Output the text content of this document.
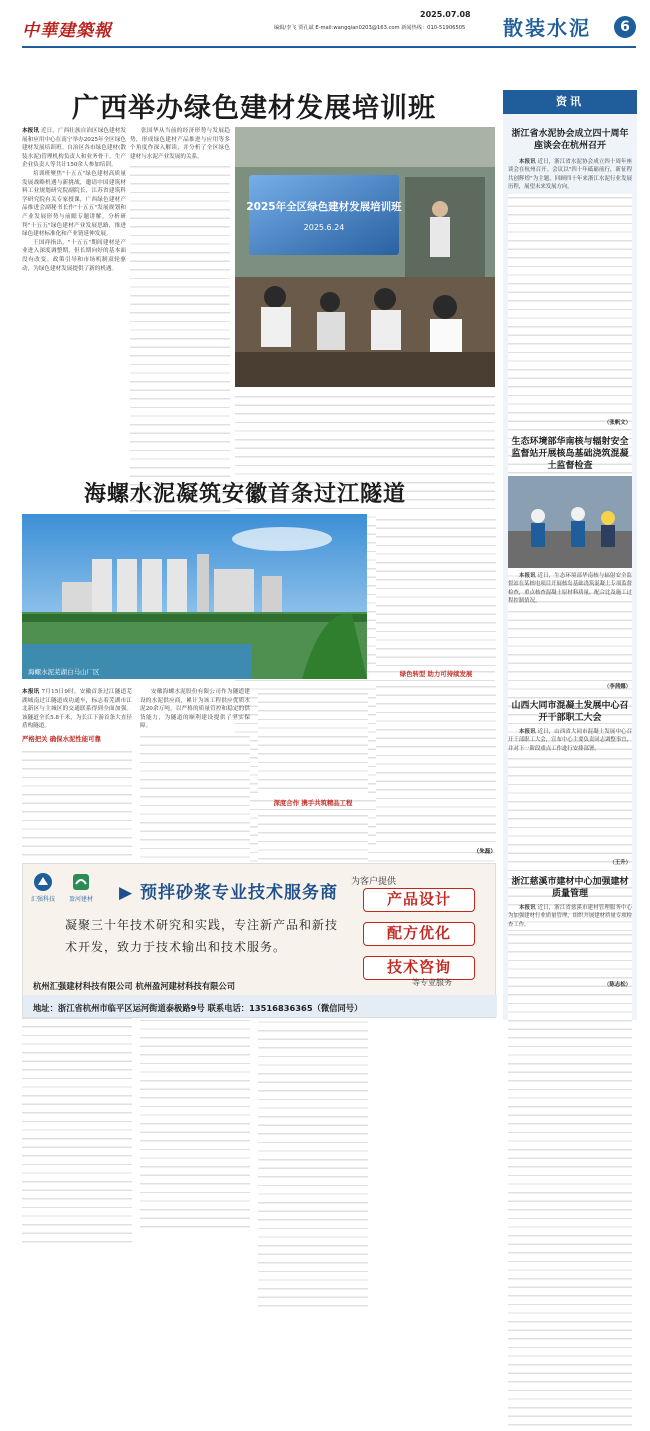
中華建築報
2025.07.08
编辑/李飞 贾孔斌 E-mail:wangqian0203@163.com 新闻热线：010-51906505	散装水泥	6
广西举办绿色建材发展培训班

本报讯 近日，广西壮族自治区绿色建材发展和应用中心在南宁举办2025年全区绿色建材发展培训班。自治区各市绿色建材(散装水泥)管理机构负责人和业务骨干，生产企业负责人等共计150余人参加培训。

培训班聚焦"十五五"绿色建材高质量发展战略机遇与新挑战，邀请中国建筑材料工业规划研究院副院长，江苏省建筑科学研究院有关专家授课，广西绿色建材产品推进会副秘书长作"十五五"发展规划和产业发展形势与前瞻专题讲解，分析研判"十五五"绿色建材产业发展思路，推进绿色建材标准化和产业链延伸发展。

王国祥指出，"十五五"期间建材是产业进入深度调整期，但长期向好的基本面没有改变。政策引导和市场机制双轮驱动，为绿色建材发展提供了新的机遇。

张国华从当前的经济形势与发展趋势，形成绿色建材产品推进与应用等多个角度作深入解读，并分析了全区绿色建材与水泥产业发展的关系。

2025年全区绿色建材发展培训班
2025.6.24

海螺水泥凝筑安徽首条过江隧道
海螺水泥芜湖白马山厂区

本报讯 7月15日9时，安徽首条过江隧道芜湖城南过江隧道成功通车，标志着芜湖市江北新区与主城区的交通联系得到全面加强。该隧道全长5.8千米，为长江下游首条大直径盾构隧道。

严格把关 确保水泥性能可靠

安徽海螺水泥股份有限公司作为隧道建设的水泥供应商，累计为该工程供应优质水泥20余万吨，以严格的质量管控和稳定的供货能力，为隧道的顺利建设提供了坚实保障。

深度合作 携手共筑精品工程
绿色转型 助力可持续发展

（朱磊）

汇强科技 盈河建材 ▶ 预拌砂浆专业技术服务商
为客户提供
凝聚三十年技术研究和实践，专注新产品和新技术开发，致力于技术输出和技术服务。
产品设计
配方优化
技术咨询
杭州汇强建材科技有限公司 杭州盈河建材科技有限公司
地址：浙江省杭州市临平区运河街道泰极路9号 联系电话：13516836365（微信同号）
等专业服务
资讯
浙江省水泥协会成立四十周年座谈会在杭州召开

本报讯 近日，浙江省水泥协会成立四十周年座谈会在杭州召开。会议以"四十年砥砺前行，新征程共创辉煌"为主题，回顾四十年来浙江水泥行业发展历程，展望未来发展方向。

（张帆文）
生态环境部华南核与辐射安全监督站开展核岛基础浇筑混凝土监督检查

本报讯 近日，生态环境部华南核与辐射安全监督站在某核电项目开展核岛基础浇筑混凝土专项监督检查，重点核查混凝土原材料质量、配合比及施工过程控制情况。

（李茜娜）
山西大同市混凝土发展中心召开干部职工大会

本报讯 近日，山西省大同市混凝土发展中心召开干部职工大会，宣布中心主要负责同志调整事宜，并对下一阶段重点工作进行安排部署。

（王升）
浙江慈溪市建材中心加强建材质量管理

本报讯 近日，浙江省慈溪市建材管理服务中心为加强建材行业质量管理，组织开展建材质量专项检查工作。

（陈志松）
